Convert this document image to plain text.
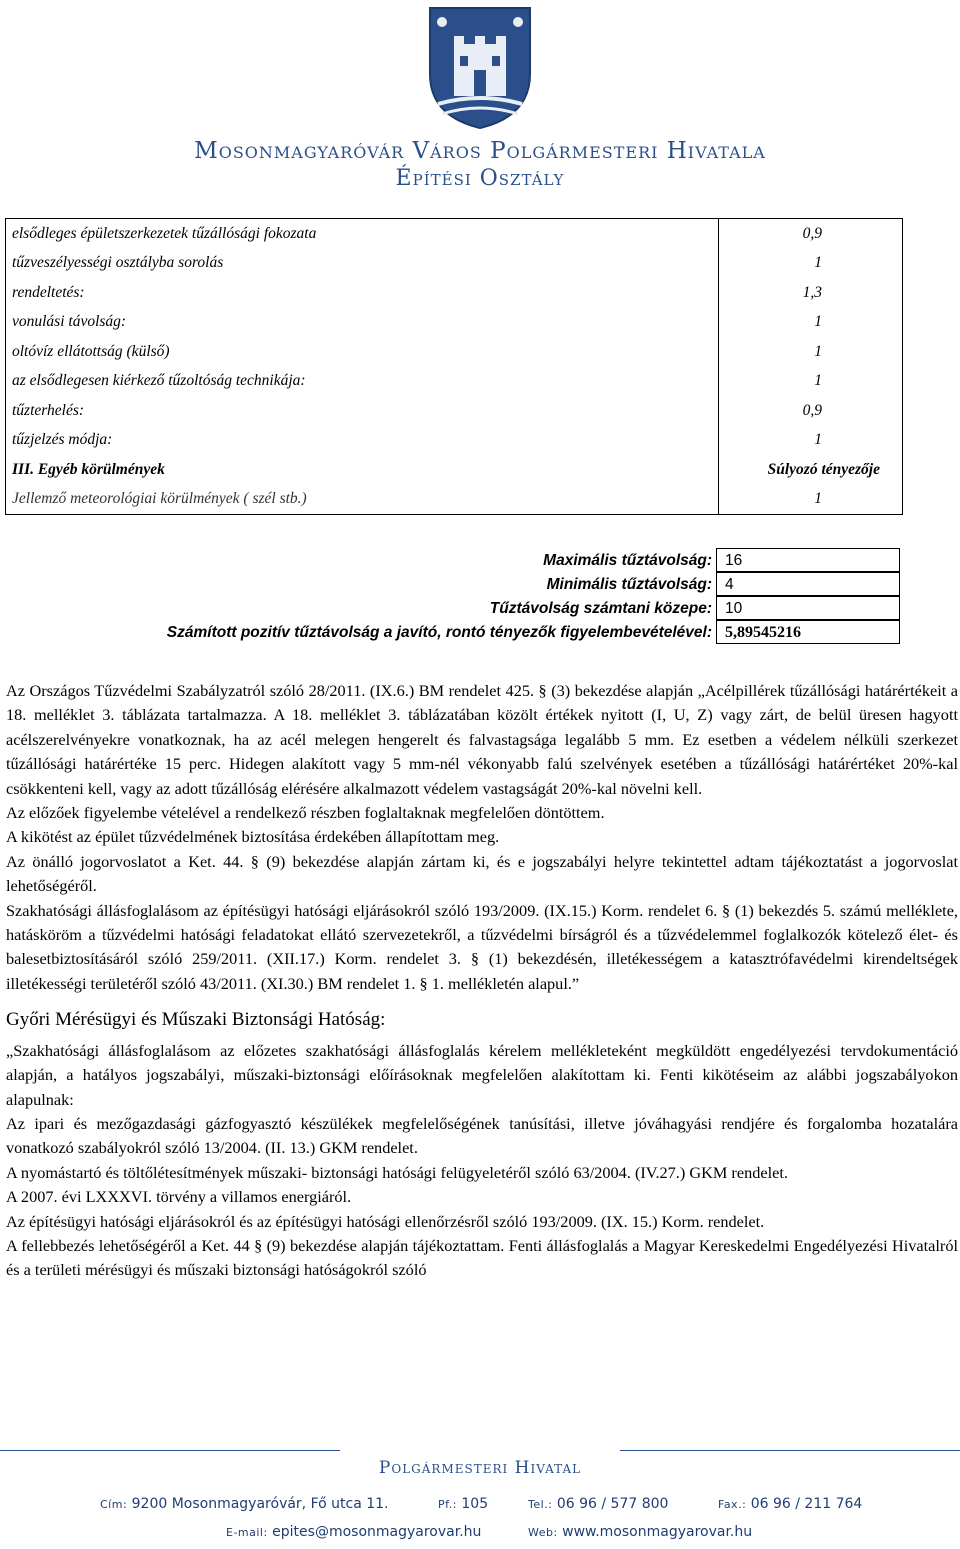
Mosonmagyaróvár Város Polgármesteri Hivatala
Építési Osztály
elsődleges épületszerkezetek tűzállósági fokozata	0,9
tűzveszélyességi osztályba sorolás	1
rendeltetés:	1,3
vonulási távolság:	1
oltóvíz ellátottság (külső)	1
az elsődlegesen kiérkező tűzoltóság technikája:	1
tűzterhelés:	0,9
tűzjelzés módja:	1
III. Egyéb körülmények	Súlyozó tényezője
Jellemző meteorológiai körülmények ( szél stb.)	1
Maximális tűztávolság: 16
Minimális tűztávolság: 4
Tűztávolság számtani közepe: 10
Számított pozitív tűztávolság a javító, rontó tényezők figyelembevételével: 5,89545216

Az Országos Tűzvédelmi Szabályzatról szóló 28/2011. (IX.6.) BM rendelet 425. § (3) bekezdése alapján „Acélpillérek tűzállósági határértékeit a 18. melléklet 3. táblázata tartalmazza. A 18. melléklet 3. táblázatában közölt értékek nyitott (I, U, Z) vagy zárt, de belül üresen hagyott acélszerelvényekre vonatkoznak, ha az acél melegen hengerelt és falvastagsága legalább 5 mm. Ez esetben a védelem nélküli szerkezet tűzállósági határértéke 15 perc. Hidegen alakított vagy 5 mm-nél vékonyabb falú szelvények esetében a tűzállósági határértéket 20%-kal csökkenteni kell, vagy az adott tűzállóság elérésére alkalmazott védelem vastagságát 20%-kal növelni kell.

Az előzőek figyelembe vételével a rendelkező részben foglaltaknak megfelelően döntöttem.

A kikötést az épület tűzvédelmének biztosítása érdekében állapítottam meg.

Az önálló jogorvoslatot a Ket. 44. § (9) bekezdése alapján zártam ki, és e jogszabályi helyre tekintettel adtam tájékoztatást a jogorvoslat lehetőségéről.

Szakhatósági állásfoglalásom az építésügyi hatósági eljárásokról szóló 193/2009. (IX.15.) Korm. rendelet 6. § (1) bekezdés 5. számú melléklete, hatásköröm a tűzvédelmi hatósági feladatokat ellátó szervezetekről, a tűzvédelmi bírságról és a tűzvédelemmel foglalkozók kötelező élet- és balesetbiztosításáról szóló 259/2011. (XII.17.) Korm. rendelet 3. § (1) bekezdésén, illetékességem a katasztrófavédelmi kirendeltségek illetékességi területéről szóló 43/2011. (XI.30.) BM rendelet 1. § 1. mellékletén alapul.”

Győri Mérésügyi és Műszaki Biztonsági Hatóság:

„Szakhatósági állásfoglalásom az előzetes szakhatósági állásfoglalás kérelem mellékleteként megküldött engedélyezési tervdokumentáció alapján, a hatályos jogszabályi, műszaki-biztonsági előírásoknak megfelelően alakítottam ki. Fenti kikötéseim az alábbi jogszabályokon alapulnak:

Az ipari és mezőgazdasági gázfogyasztó készülékek megfelelőségének tanúsítási, illetve jóváhagyási rendjére és forgalomba hozatalára vonatkozó szabályokról szóló 13/2004. (II. 13.) GKM rendelet.

A nyomástartó és töltőlétesítmények műszaki- biztonsági hatósági felügyeletéről szóló 63/2004. (IV.27.) GKM rendelet.

A 2007. évi LXXXVI. törvény a villamos energiáról.

Az építésügyi hatósági eljárásokról és az építésügyi hatósági ellenőrzésről szóló 193/2009. (IX. 15.) Korm. rendelet.

A fellebbezés lehetőségéről a Ket. 44 § (9) bekezdése alapján tájékoztattam. Fenti állásfoglalás a Magyar Kereskedelmi Engedélyezési Hivatalról és a területi mérésügyi és műszaki biztonsági hatóságokról szóló

Polgármesteri Hivatal
Cím: 9200 Mosonmagyaróvár, Fő utca 11.	Pf.: 105	Tel.: 06 96 / 577 800	Fax.: 06 96 / 211 764
E-mail: epites@mosonmagyarovar.hu	Web: www.mosonmagyarovar.hu
